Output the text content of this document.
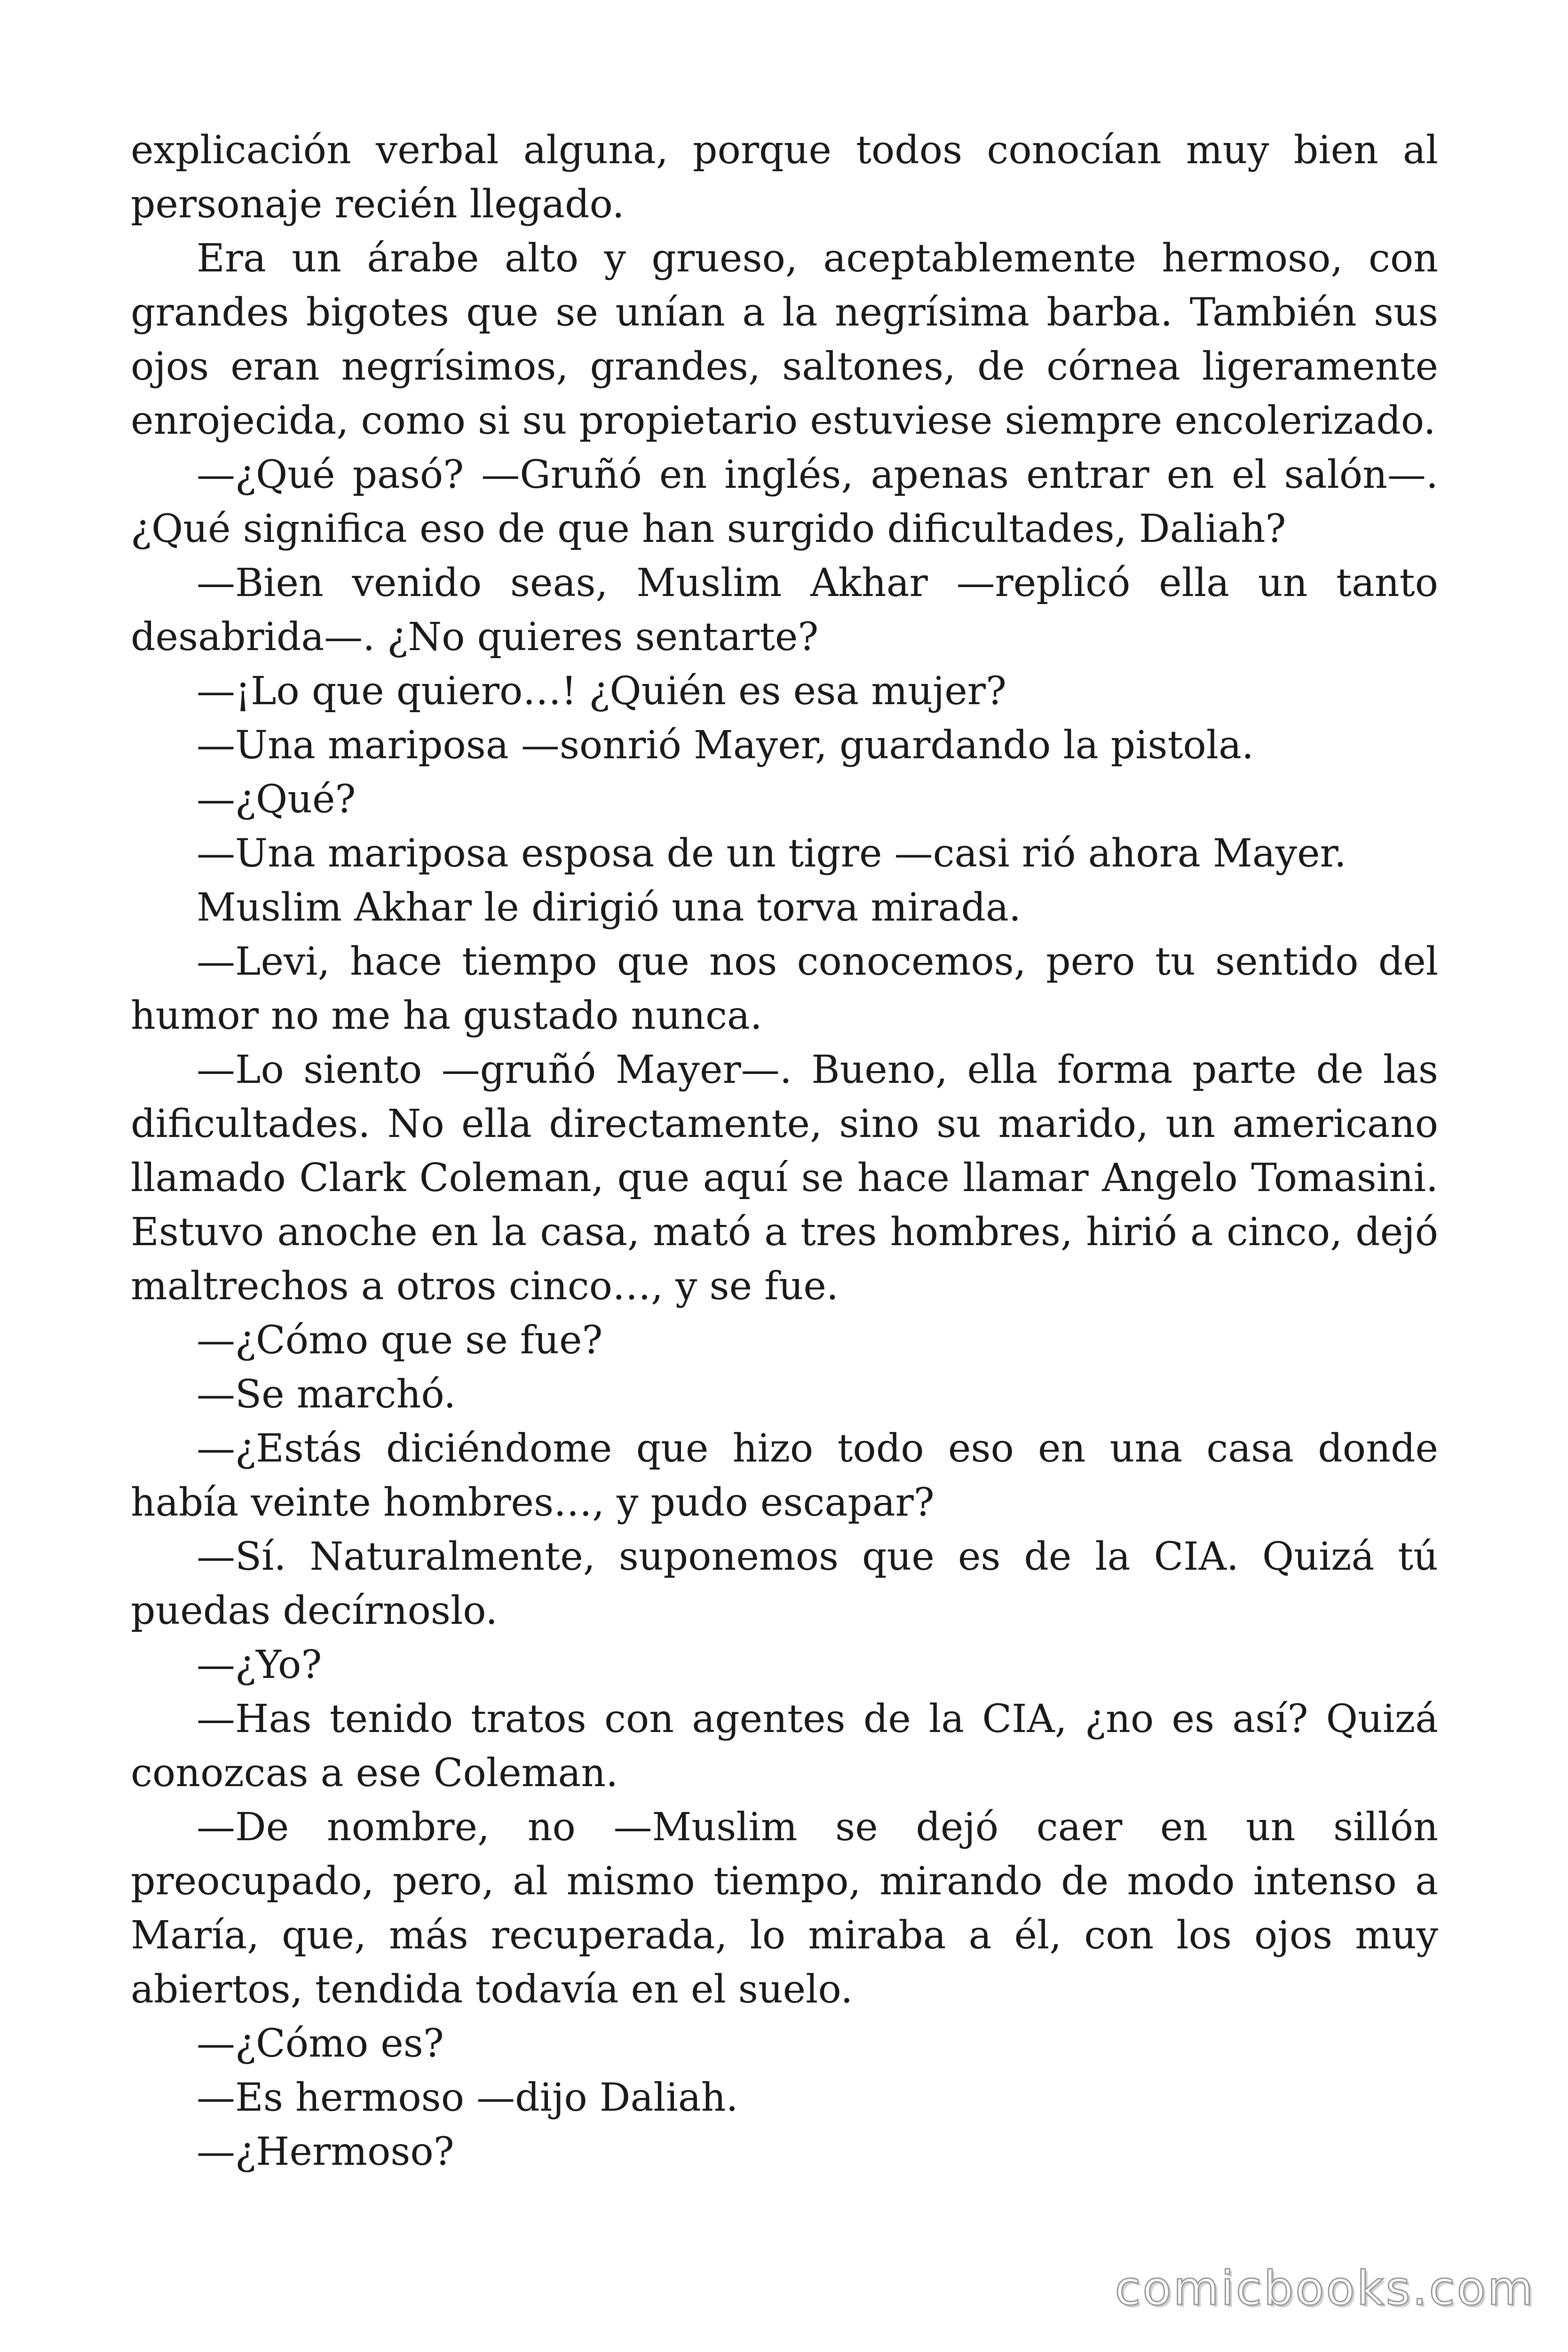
explicación verbal alguna, porque todos conocían muy bien al personaje recién llegado.

Era un árabe alto y grueso, aceptablemente hermoso, con grandes bigotes que se unían a la negrísima barba. También sus ojos eran negrísimos, grandes, saltones, de córnea ligeramente enrojecida, como si su propietario estuviese siempre encolerizado.

—¿Qué pasó? —Gruñó en inglés, apenas entrar en el salón—. ¿Qué significa eso de que han surgido dificultades, Daliah?

—Bien venido seas, Muslim Akhar —replicó ella un tanto desabrida—. ¿No quieres sentarte?

—¡Lo que quiero…! ¿Quién es esa mujer?

—Una mariposa —sonrió Mayer, guardando la pistola.

—¿Qué?

—Una mariposa esposa de un tigre —casi rió ahora Mayer.

Muslim Akhar le dirigió una torva mirada.

—Levi, hace tiempo que nos conocemos, pero tu sentido del humor no me ha gustado nunca.

—Lo siento —gruñó Mayer—. Bueno, ella forma parte de las dificultades. No ella directamente, sino su marido, un americano llamado Clark Coleman, que aquí se hace llamar Angelo Tomasini. Estuvo anoche en la casa, mató a tres hombres, hirió a cinco, dejó maltrechos a otros cinco…, y se fue.

—¿Cómo que se fue?

—Se marchó.

—¿Estás diciéndome que hizo todo eso en una casa donde había veinte hombres…, y pudo escapar?

—Sí. Naturalmente, suponemos que es de la CIA. Quizá tú puedas decírnoslo.

—¿Yo?

—Has tenido tratos con agentes de la CIA, ¿no es así? Quizá conozcas a ese Coleman.

—De nombre, no —Muslim se dejó caer en un sillón preocupado, pero, al mismo tiempo, mirando de modo intenso a María, que, más recuperada, lo miraba a él, con los ojos muy abiertos, tendida todavía en el suelo.

—¿Cómo es?

—Es hermoso —dijo Daliah.

—¿Hermoso?

comicbooks.com
